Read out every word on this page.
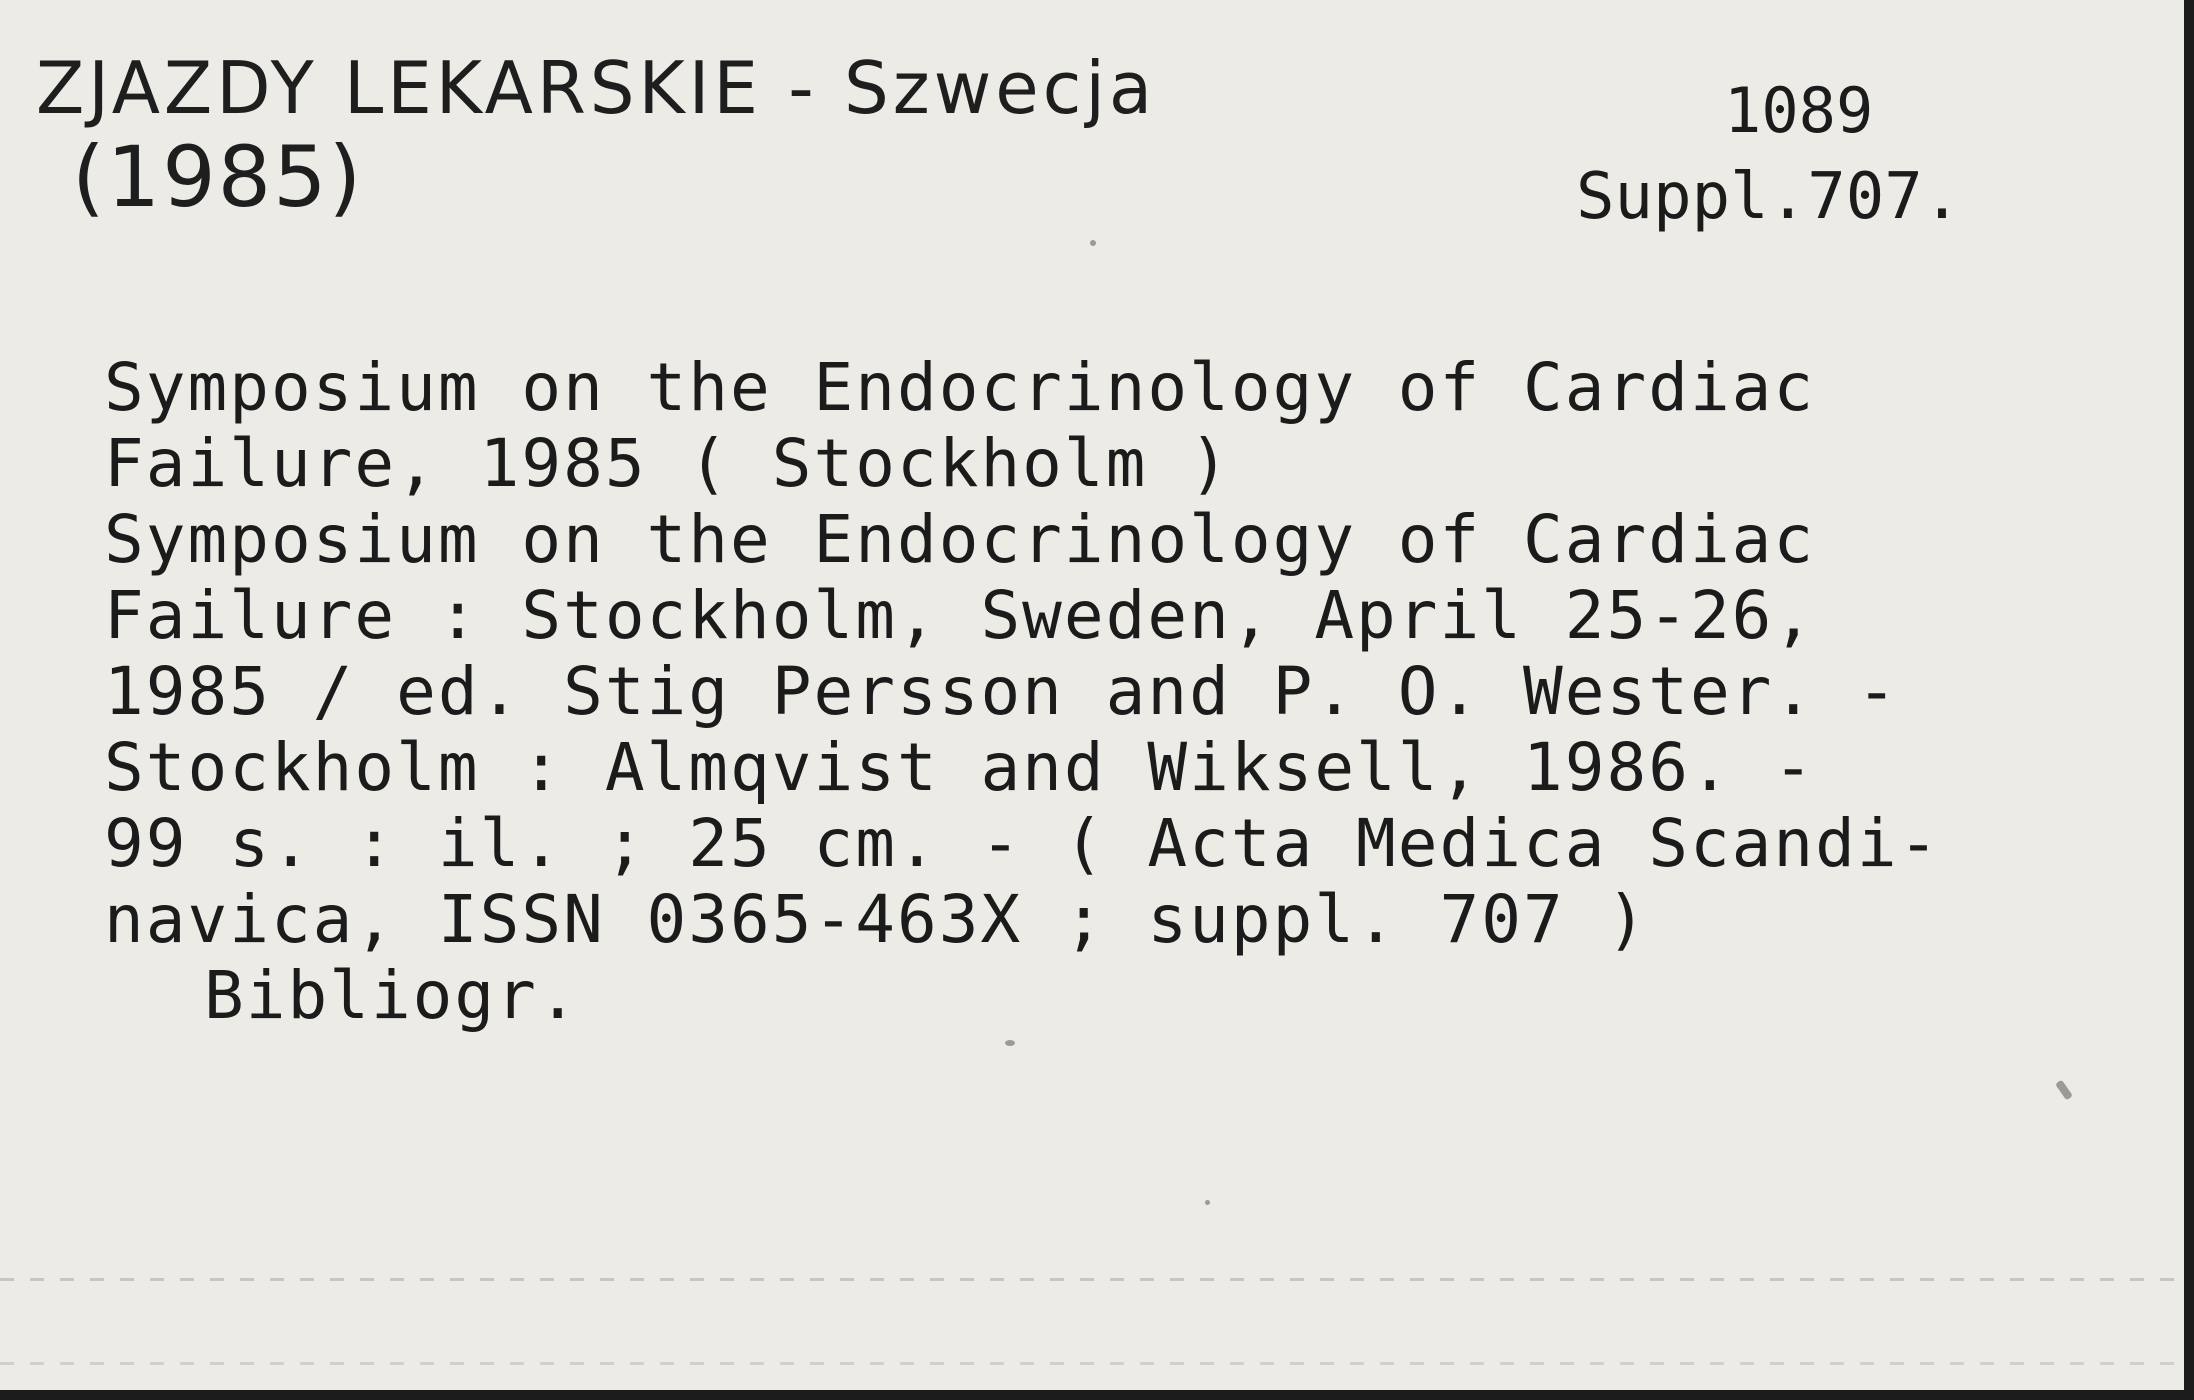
ZJAZDY LEKARSKIE - Szwecja
(1985)
1089
Suppl.707.
Symposium on the Endocrinology of Cardiac
Failure, 1985 ( Stockholm )
Symposium on the Endocrinology of Cardiac
Failure : Stockholm, Sweden, April 25-26,
1985 / ed. Stig Persson and P. O. Wester. -
Stockholm : Almqvist and Wiksell, 1986. -
99 s. : il. ; 25 cm. - ( Acta Medica Scandi-
navica, ISSN 0365-463X ; suppl. 707 )
Bibliogr.
